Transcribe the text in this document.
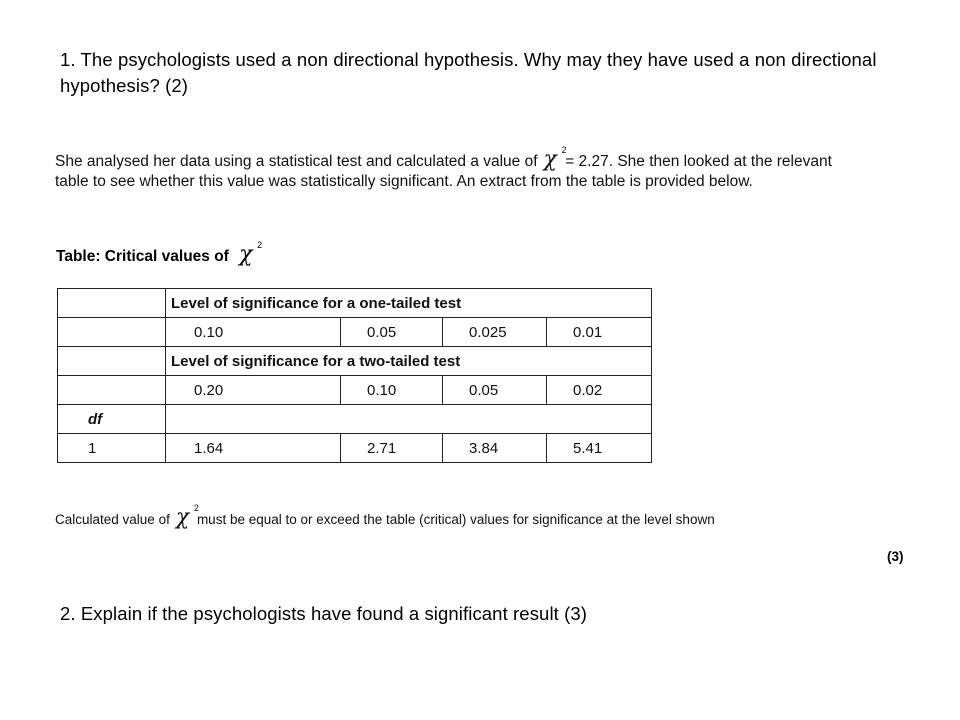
1. The psychologists used a non directional hypothesis. Why may they have used a non directional hypothesis? (2)
She analysed her data using a statistical test and calculated a value of χ 2
= 2.27. She then looked at the relevant table to see whether this value was statistically significant. An extract from the table is provided below.
Table: Critical values of χ 2
	Level of significance for a one-tailed test			
	0.10	0.05	0.025	0.01
	Level of significance for a two-tailed test			
	0.20	0.10	0.05	0.02
df				
1	1.64	2.71	3.84	5.41
Calculated value of χ 2
must be equal to or exceed the table (critical) values for significance at the level shown
(3)
2. Explain if the psychologists have found a significant result (3)
